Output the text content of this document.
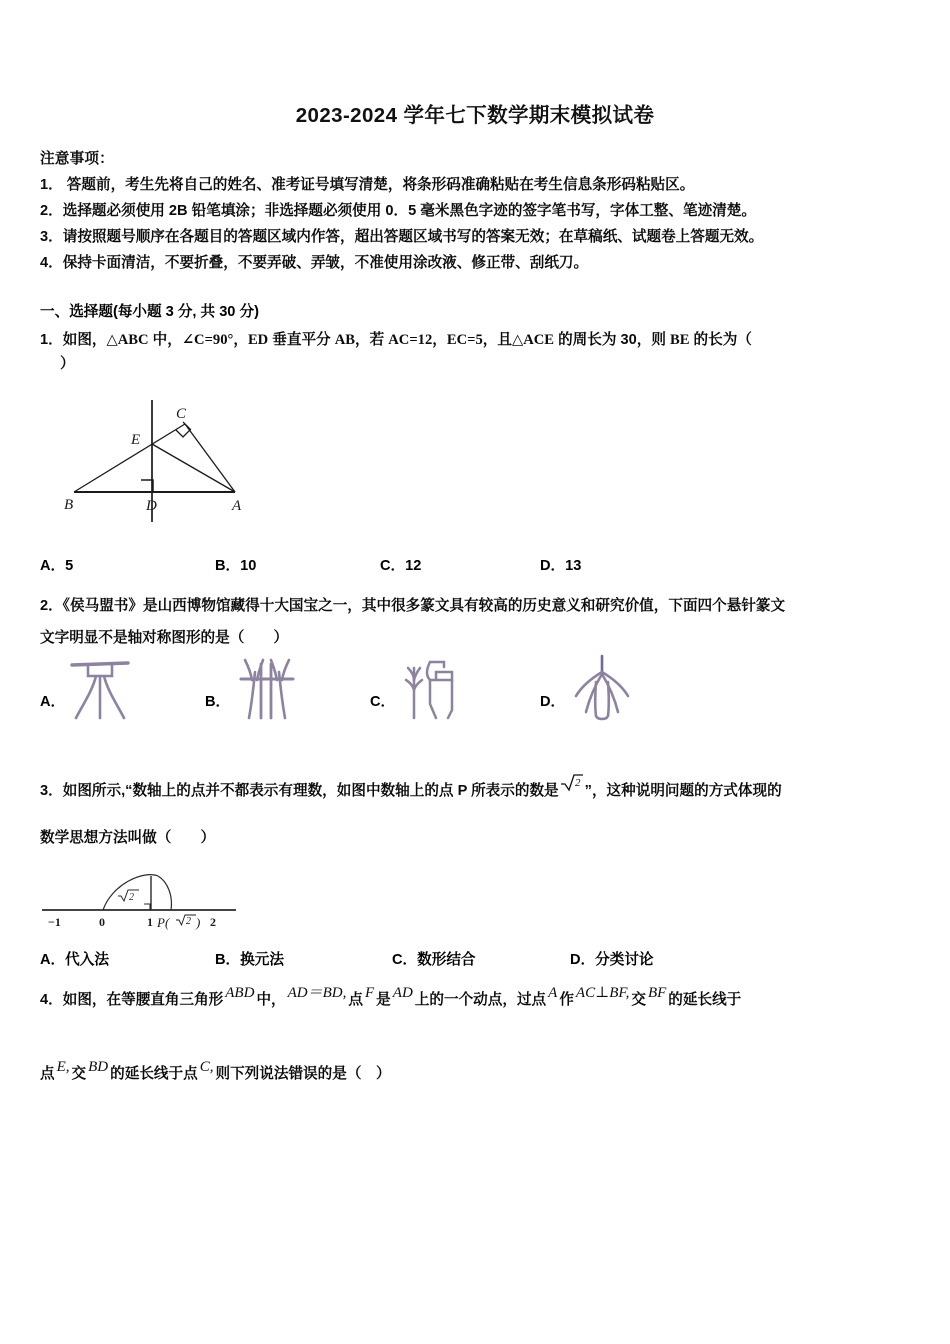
2023-2024 学年七下数学期末模拟试卷
注意事项：
1． 答题前，考生先将自己的姓名、准考证号填写清楚，将条形码准确粘贴在考生信息条形码粘贴区。
2．选择题必须使用 2B 铅笔填涂；非选择题必须使用 0．5 毫米黑色字迹的签字笔书写，字体工整、笔迹清楚。
3．请按照题号顺序在各题目的答题区域内作答，超出答题区域书写的答案无效；在草稿纸、试题卷上答题无效。
4．保持卡面清洁，不要折叠，不要弄破、弄皱，不准使用涂改液、修正带、刮纸刀。
一、选择题(每小题 3 分, 共 30 分)
1．如图，△ABC 中，∠C=90°，ED 垂直平分 AB，若 AC=12，EC=5，且△ACE 的周长为 30，则 BE 的长为（
）
C
E
B	D	A
A．5	B．10	C．12	D．13
2．《侯马盟书》是山西博物馆藏得十大国宝之一，其中很多篆文具有较高的历史意义和研究价值，下面四个悬针篆文
文字明显不是轴对称图形的是（　　）
A．	B．	C．	D．
3．如图所示,“数轴上的点并不都表示有理数，如图中数轴上的点 P 所表示的数是 2 ”，这种说明问题的方式体现的
数学思想方法叫做（　　）
2
−1	0	1	2
P( 2 )
A．代入法	B．换元法	C．数形结合	D．分类讨论
4．如图，在等腰直角三角形 ABD 中， AD＝BD, 点 F 是 AD 上的一个动点，过点 A 作 AC⊥BF, 交 BF 的延长线于
点 E, 交 BD 的延长线于点 C, 则下列说法错误的是（　）
